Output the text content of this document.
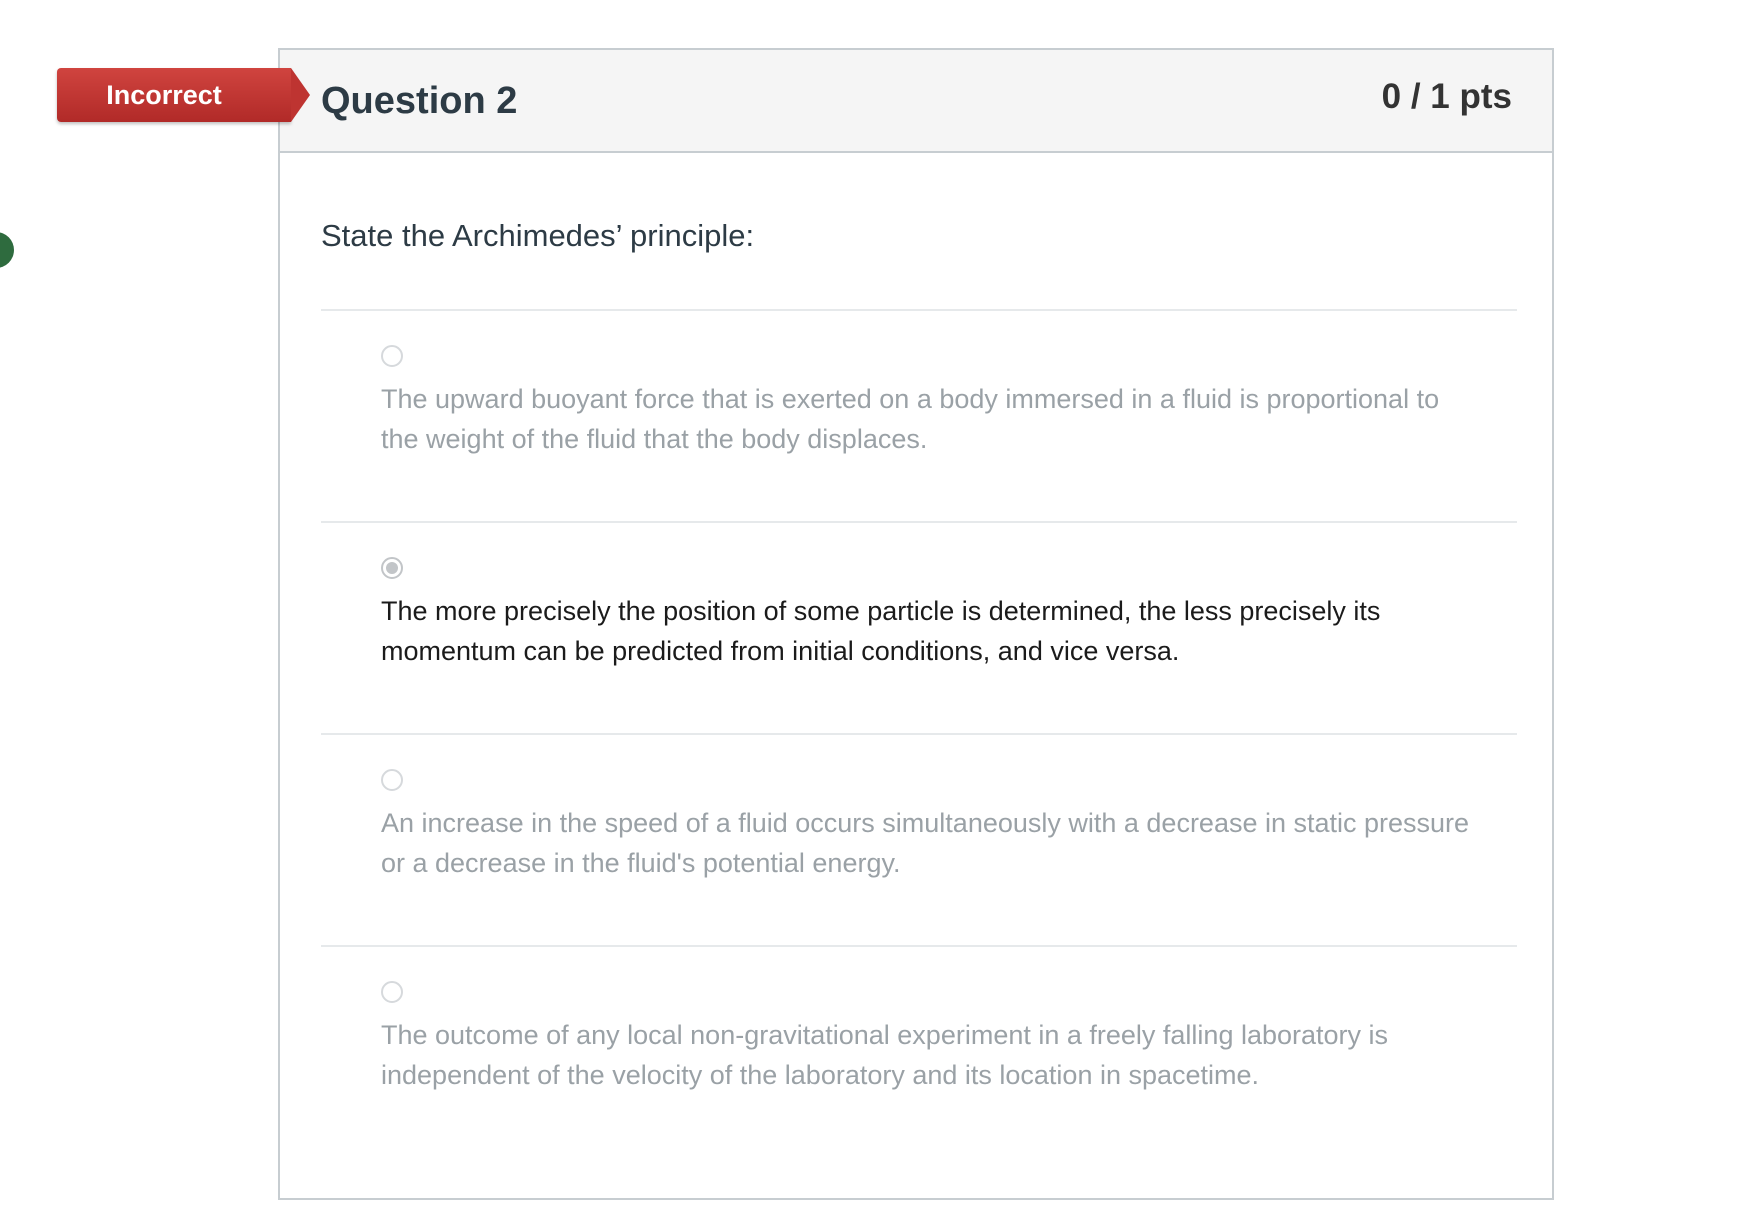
Incorrect	Question 2	0 / 1 pts
State the Archimedes’ principle:
The upward buoyant force that is exerted on a body immersed in a fluid is proportional to the weight of the fluid that the body displaces.
The more precisely the position of some particle is determined, the less precisely its momentum can be predicted from initial conditions, and vice versa.
An increase in the speed of a fluid occurs simultaneously with a decrease in static pressure or a decrease in the fluid's potential energy.
The outcome of any local non-gravitational experiment in a freely falling laboratory is independent of the velocity of the laboratory and its location in spacetime.
